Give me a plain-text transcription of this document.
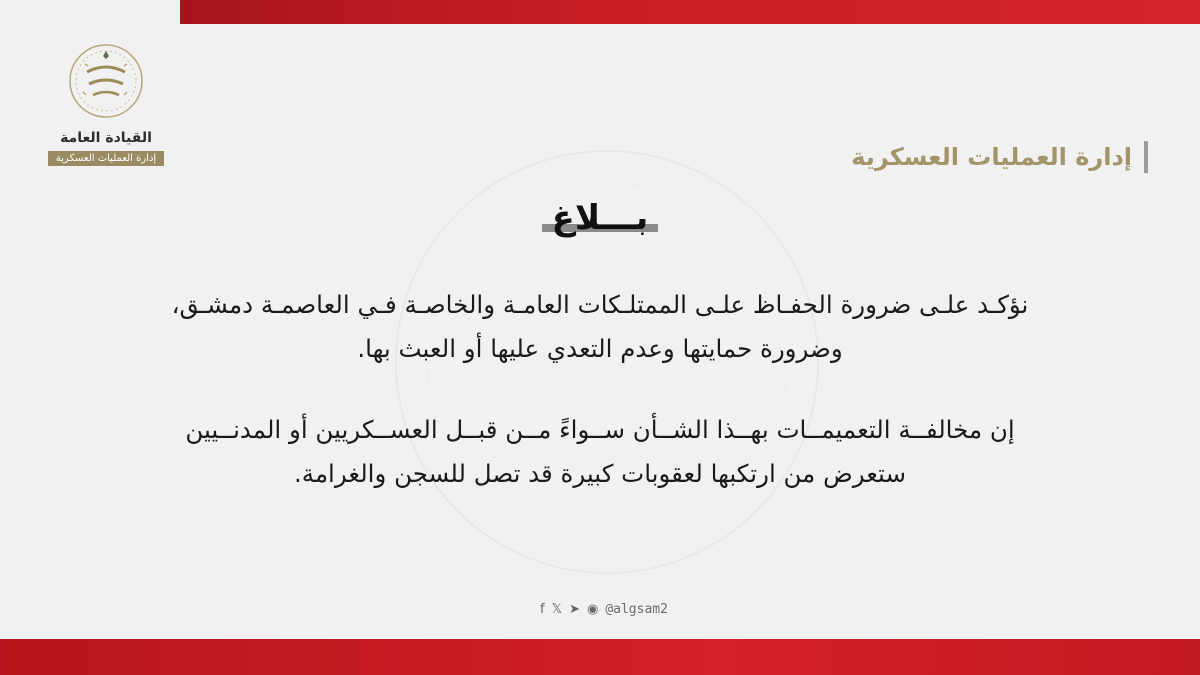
القيادة العامة
إدارة العمليات العسكرية	إدارة العمليات العسكرية
بـــلاغ
نؤكـد علـى ضرورة الحفـاظ علـى الممتلـكات العامـة والخاصـة فـي العاصمـة دمشـق،
وضرورة حمايتها وعدم التعدي عليها أو العبث بها.
إن مخالفــة التعميمــات بهــذا الشــأن ســواءً مــن قبــل العســكريين أو المدنــيين
ستعرض من ارتكبها لعقوبات كبيرة قد تصل للسجن والغرامة.
f 𝕏 ➤ ◉ @algsam2
